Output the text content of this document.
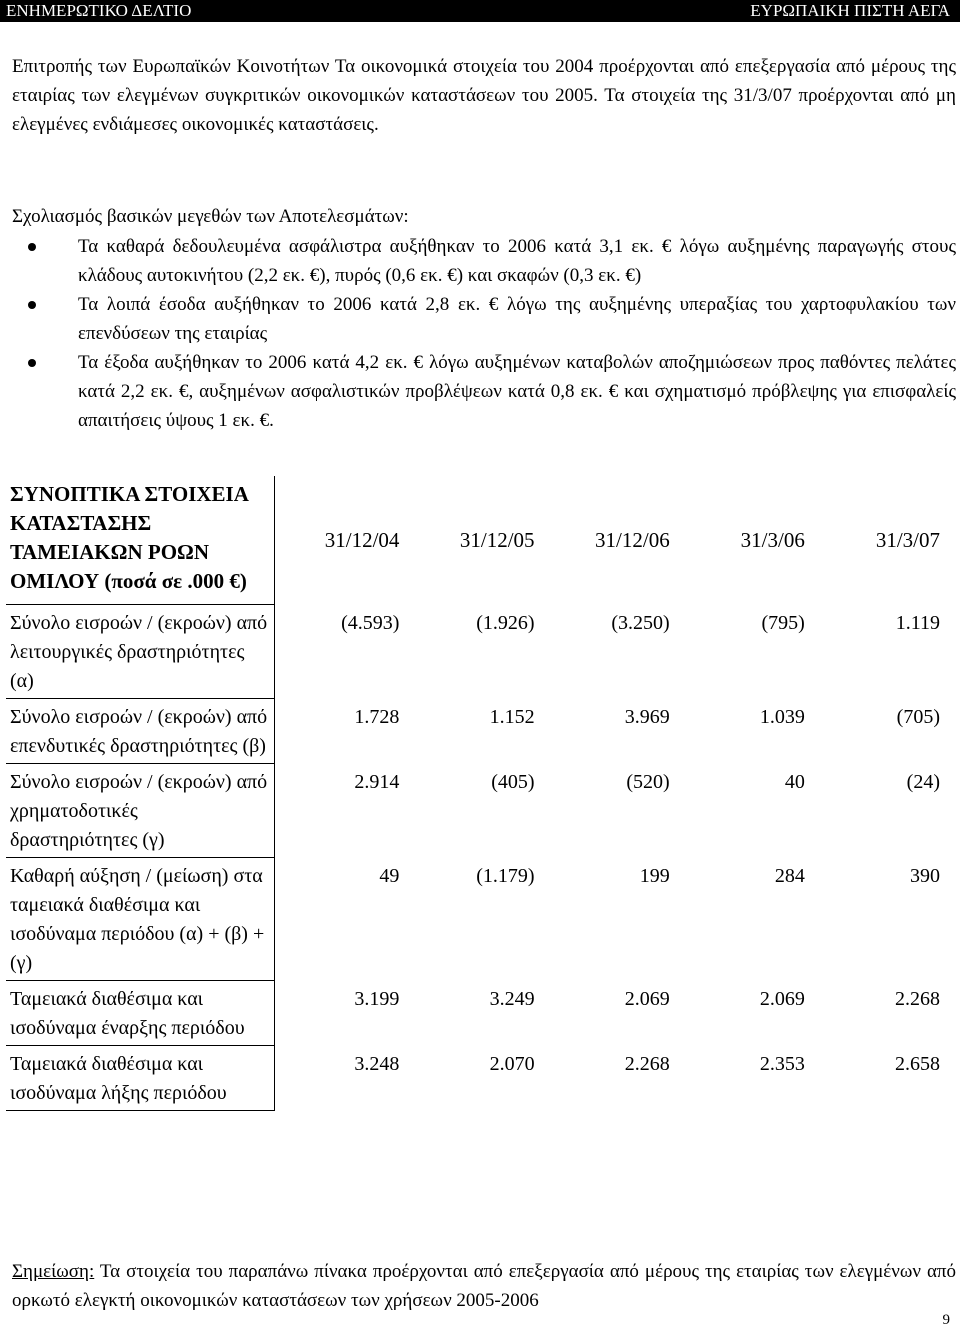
ΕΝΗΜΕΡΩΤΙΚΟ ΔΕΛΤΙΟ	ΕΥΡΩΠΑΙΚΗ ΠΙΣΤΗ ΑΕΓΑ
Επιτροπής των Ευρωπαϊκών Κοινοτήτων Τα οικονομικά στοιχεία του 2004 προέρχονται από επεξεργασία από μέρους της εταιρίας των ελεγμένων συγκριτικών οικονομικών καταστάσεων του 2005. Τα στοιχεία της 31/3/07 προέρχονται από μη ελεγμένες ενδιάμεσες οικονομικές καταστάσεις.
Σχολιασμός βασικών μεγεθών των Αποτελεσμάτων:
Τα καθαρά δεδουλευμένα ασφάλιστρα αυξήθηκαν το 2006 κατά 3,1 εκ. € λόγω αυξημένης παραγωγής στους κλάδους αυτοκινήτου (2,2 εκ. €), πυρός (0,6 εκ. €) και σκαφών (0,3 εκ. €)
Τα λοιπά έσοδα αυξήθηκαν το 2006 κατά 2,8 εκ. € λόγω της αυξημένης υπεραξίας του χαρτοφυλακίου των επενδύσεων της εταιρίας
Τα έξοδα αυξήθηκαν το 2006 κατά 4,2 εκ. € λόγω αυξημένων καταβολών αποζημιώσεων προς παθόντες πελάτες κατά 2,2 εκ. €, αυξημένων ασφαλιστικών προβλέψεων κατά 0,8 εκ. € και σχηματισμό πρόβλεψης για επισφαλείς απαιτήσεις ύψους 1 εκ. €.
ΣΥΝΟΠΤΙΚΑ ΣΤΟΙΧΕΙΑ ΚΑΤΑΣΤΑΣΗΣ ΤΑΜΕΙΑΚΩΝ ΡΟΩΝ ΟΜΙΛΟΥ (ποσά σε .000 €)	31/12/04	31/12/05	31/12/06	31/3/06	31/3/07
Σύνολο εισροών / (εκροών) από λειτουργικές δραστηριότητες (α)	(4.593)	(1.926)	(3.250)	(795)	1.119
Σύνολο εισροών / (εκροών) από επενδυτικές δραστηριότητες (β)	1.728	1.152	3.969	1.039	(705)
Σύνολο εισροών / (εκροών) από χρηματοδοτικές δραστηριότητες (γ)	2.914	(405)	(520)	40	(24)
Καθαρή αύξηση / (μείωση) στα ταμειακά διαθέσιμα και ισοδύναμα περιόδου (α) + (β) + (γ)	49	(1.179)	199	284	390
Ταμειακά διαθέσιμα και ισοδύναμα έναρξης περιόδου	3.199	3.249	2.069	2.069	2.268
Ταμειακά διαθέσιμα και ισοδύναμα λήξης περιόδου	3.248	2.070	2.268	2.353	2.658
Σημείωση: Τα στοιχεία του παραπάνω πίνακα προέρχονται από επεξεργασία από μέρους της εταιρίας των ελεγμένων από ορκωτό ελεγκτή οικονομικών καταστάσεων των χρήσεων 2005-2006
9
